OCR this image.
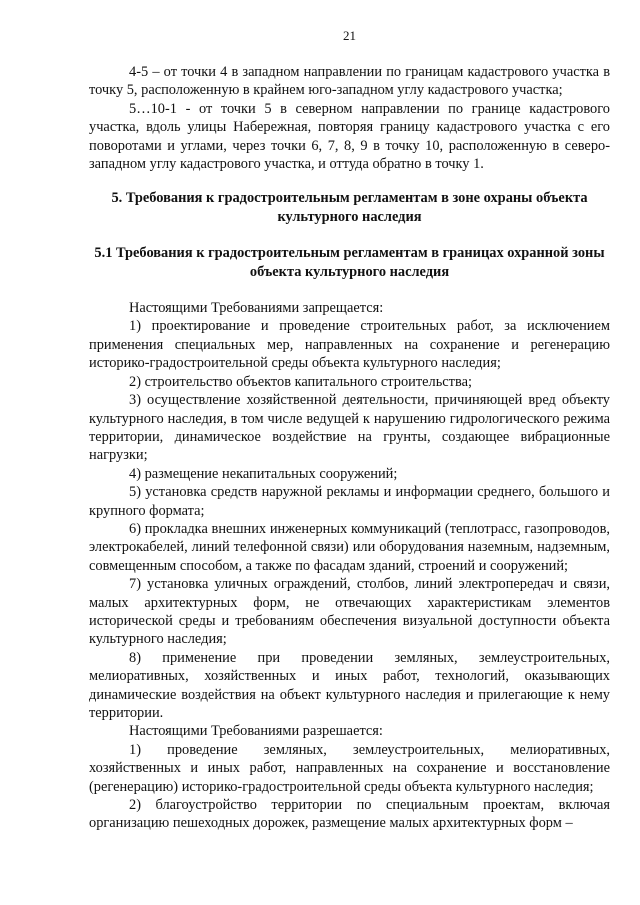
21

4-5 – от точки 4 в западном направлении по границам кадастрового участка в точку 5, расположенную в крайнем юго-западном углу кадастрового участка;

5…10-1 - от точки 5 в северном направлении по границе кадастрового участка, вдоль улицы Набережная, повторяя границу кадастрового участка с его поворотами и углами, через точки 6, 7, 8, 9 в точку 10, расположенную в северо-западном углу кадастрового участка, и оттуда обратно в точку 1.

5. Требования к градостроительным регламентам в зоне охраны объекта культурного наследия

5.1 Требования к градостроительным регламентам в границах охранной зоны объекта культурного наследия

Настоящими Требованиями запрещается:

1) проектирование и проведение строительных работ, за исключением применения специальных мер, направленных на сохранение и регенерацию историко-градостроительной среды объекта культурного наследия;

2) строительство объектов капитального строительства;

3) осуществление хозяйственной деятельности, причиняющей вред объекту культурного наследия, в том числе ведущей к нарушению гидрологического режима территории, динамическое воздействие на грунты, создающее вибрационные нагрузки;

4) размещение некапитальных сооружений;

5) установка средств наружной рекламы и информации среднего, большого и крупного формата;

6) прокладка внешних инженерных коммуникаций (теплотрасс, газопроводов, электрокабелей, линий телефонной связи) или оборудования наземным, надземным, совмещенным способом, а также по фасадам зданий, строений и сооружений;

7) установка уличных ограждений, столбов, линий электропередач и связи, малых архитектурных форм, не отвечающих характеристикам элементов исторической среды и требованиям обеспечения визуальной доступности объекта культурного наследия;

8) применение при проведении земляных, землеустроительных, мелиоративных, хозяйственных и иных работ, технологий, оказывающих динамические воздействия на объект культурного наследия и прилегающие к нему территории.

Настоящими Требованиями разрешается:

1) проведение земляных, землеустроительных, мелиоративных, хозяйственных и иных работ, направленных на сохранение и восстановление (регенерацию) историко-градостроительной среды объекта культурного наследия;

2) благоустройство территории по специальным проектам, включая организацию пешеходных дорожек, размещение малых архитектурных форм –
